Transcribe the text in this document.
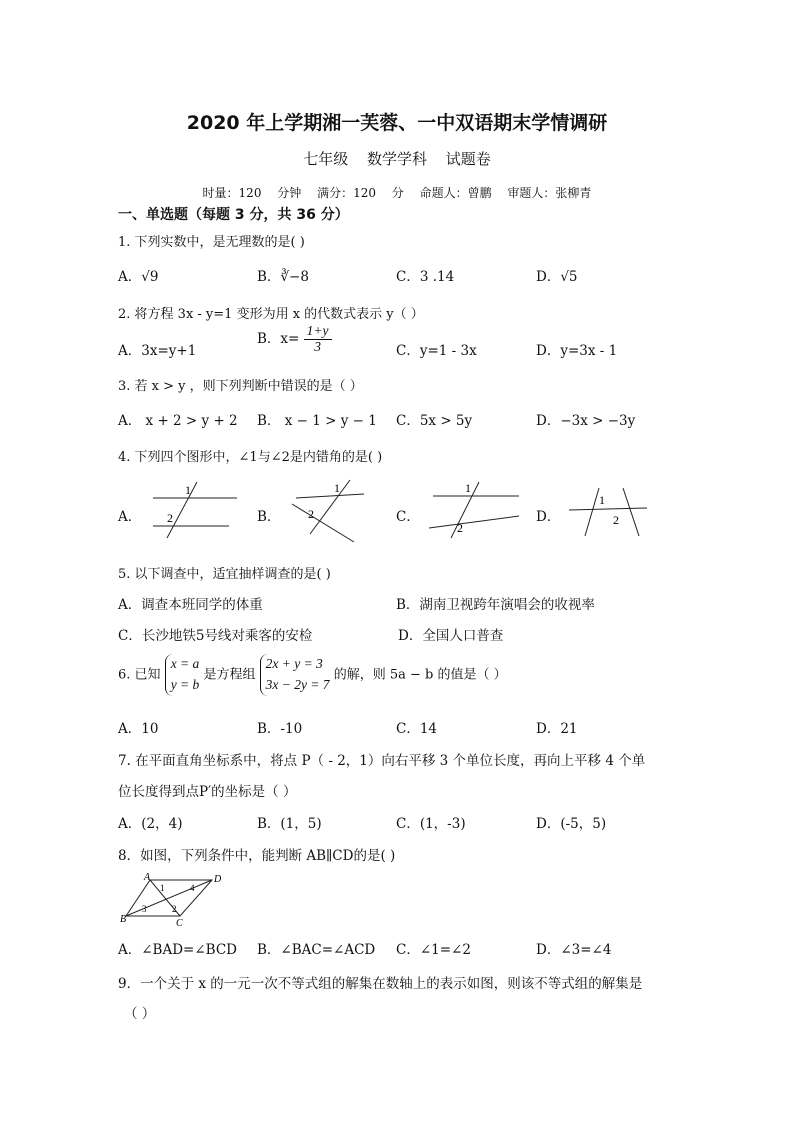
2020 年上学期湘一芙蓉、一中双语期末学情调研
七年级 数学学科 试题卷
时量：120 分钟 满分：120 分 命题人：曾鹏 审题人：张柳青
一、单选题（每题 3 分，共 36 分）
1. 下列实数中，是无理数的是( )
A．√9	B．∛−8	C．3 .14	D．√5
2. 将方程 3x - y=1 变形为用 x 的代数式表示 y（ ）
A．3x=y+1
B．$x= \frac{1+y}{3}$	C．y=1 - 3x	D．y=3x - 1
3. 若 x > y ，则下列判断中错误的是（ ）
A． x + 2 > y + 2 B． x − 1 > y − 1 C．5x > 5y	D．−3x > −3y
4. 下列四个图形中，∠1与∠2是内错角的是( )
A．	B．	C．	D．
1
2
1
2
1
2
1
2
5. 以下调查中，适宜抽样调查的是( )
A．调查本班同学的体重	B．湖南卫视跨年演唱会的收视率
C．长沙地铁5号线对乘客的安检	D．全国人口普查
6. 已知
x = a
y = b
是方程组
2x + y = 3
3x − 2y = 7
的解，则 5a − b 的值是（ ）
A．10	B．-10	C．14	D．21
7. 在平面直角坐标系中，将点 P（ - 2，1）向右平移 3 个单位长度，再向上平移 4 个单
位长度得到点P′的坐标是（ ）
A．(2，4)	B．(1，5)	C．(1，-3)	D．(-5，5)
8．如图，下列条件中，能判断 AB∥CD的是( )
A	D
B	C
1
2
3
4
A．∠BAD=∠BCD B．∠BAC=∠ACD C．∠1=∠2	D．∠3=∠4
9．一个关于 x 的一元一次不等式组的解集在数轴上的表示如图，则该不等式组的解集是
（ ）
